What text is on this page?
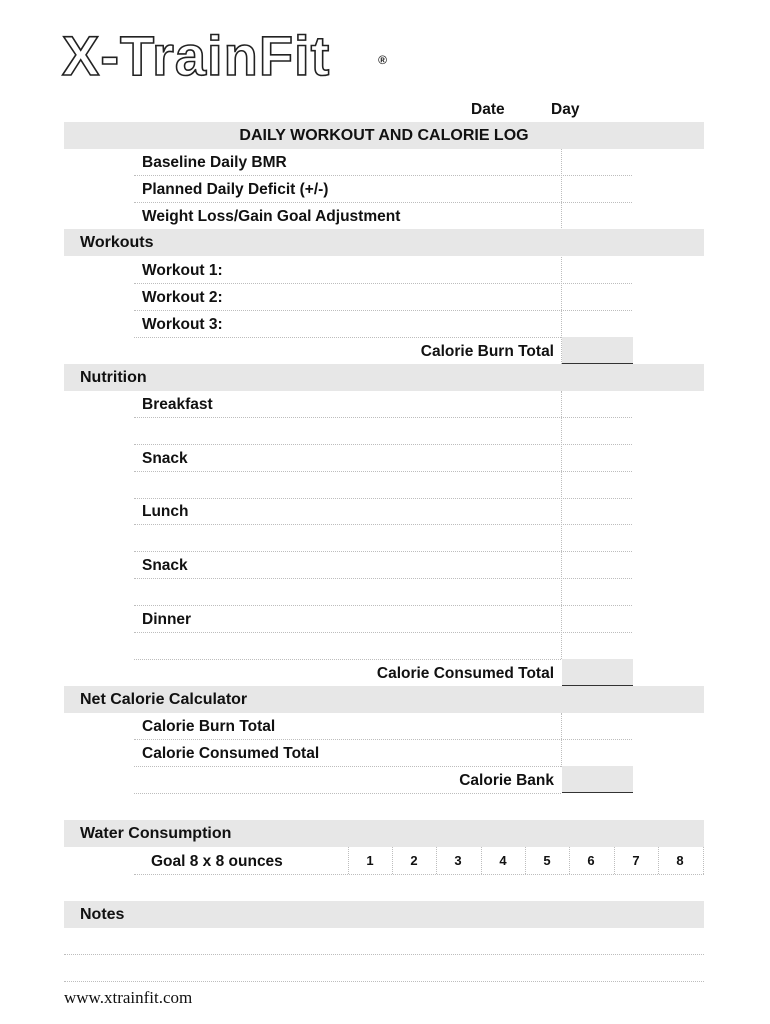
X-TrainFit	®
Date	Day
DAILY WORKOUT AND CALORIE LOG
Baseline Daily BMR
Planned Daily Deficit (+/-)
Weight Loss/Gain Goal Adjustment
Workouts
Workout 1:
Workout 2:
Workout 3:
Calorie Burn Total
Nutrition
Breakfast
Snack
Lunch
Snack
Dinner
Calorie Consumed Total
Net Calorie Calculator
Calorie Burn Total
Calorie Consumed Total
Calorie Bank
Water Consumption
Goal 8 x 8 ounces	1	2	3	4	5	6	7	8
Notes
www.xtrainfit.com
